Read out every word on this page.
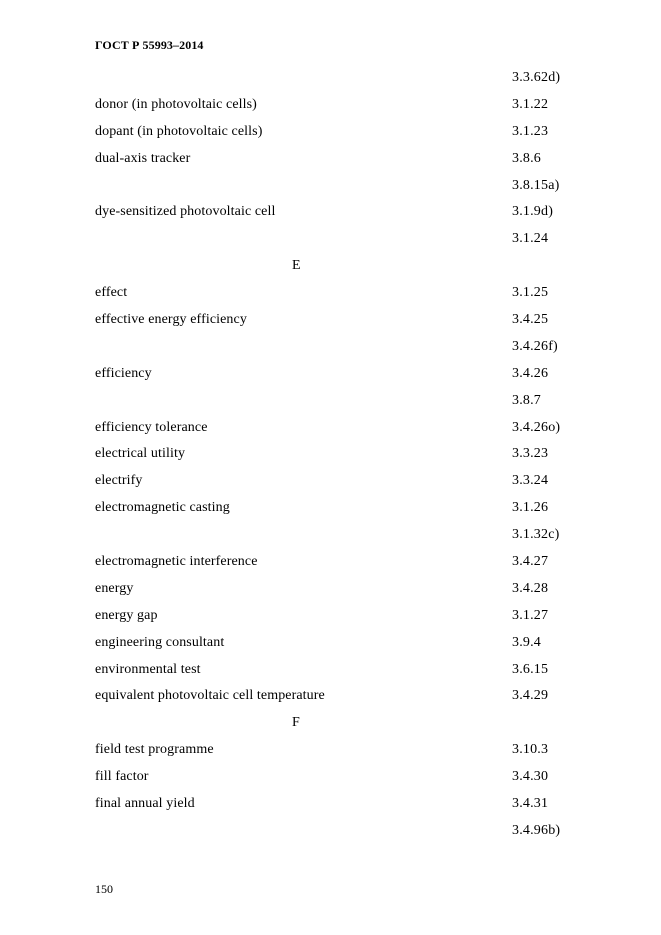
ГОСТ Р 55993–2014
3.3.62d)
donor (in photovoltaic cells)	3.1.22
dopant (in photovoltaic cells)	3.1.23
dual-axis tracker	3.8.6
3.8.15a)
dye-sensitized photovoltaic cell	3.1.9d)
3.1.24
E
effect	3.1.25
effective energy efficiency	3.4.25
3.4.26f)
efficiency	3.4.26
3.8.7
efficiency tolerance	3.4.26o)
electrical utility	3.3.23
electrify	3.3.24
electromagnetic casting	3.1.26
3.1.32c)
electromagnetic interference	3.4.27
energy	3.4.28
energy gap	3.1.27
engineering consultant	3.9.4
environmental test	3.6.15
equivalent photovoltaic cell temperature	3.4.29
F
field test programme	3.10.3
fill factor	3.4.30
final annual yield	3.4.31
3.4.96b)
150
